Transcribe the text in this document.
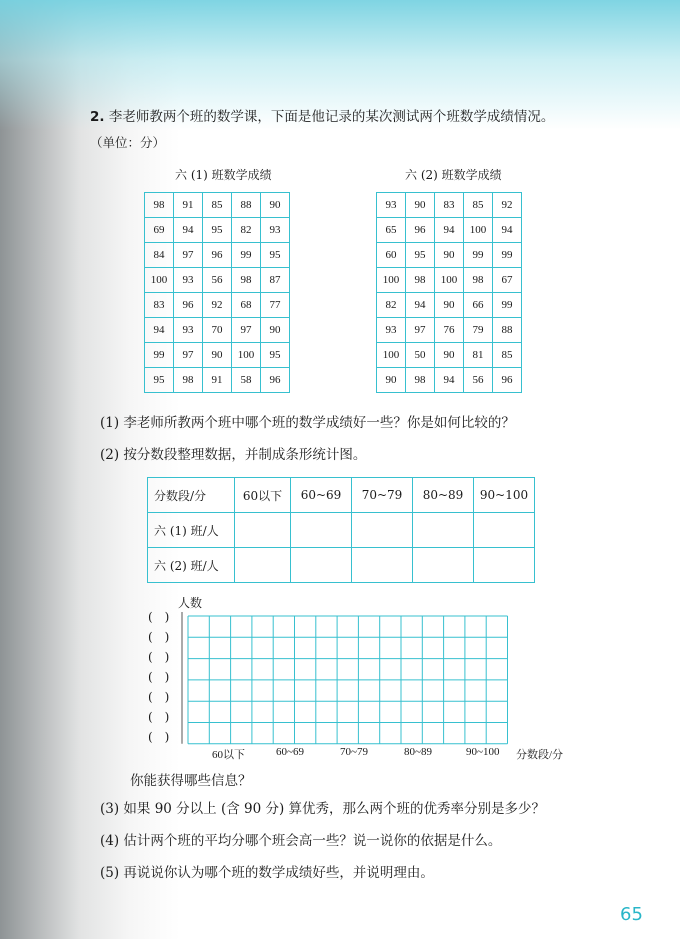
2. 李老师教两个班的数学课，下面是他记录的某次测试两个班数学成绩情况。
（单位：分）
六 (1) 班数学成绩
98	91	85	88	90
69	94	95	82	93
84	97	96	99	95
100	93	56	98	87
83	96	92	68	77
94	93	70	97	90
99	97	90	100	95
95	98	91	58	96
六 (2) 班数学成绩
93	90	83	85	92
65	96	94	100	94
60	95	90	99	99
100	98	100	98	67
82	94	90	66	99
93	97	76	79	88
100	50	90	81	85
90	98	94	56	96
(1) 李老师所教两个班中哪个班的数学成绩好一些？你是如何比较的？
(2) 按分数段整理数据，并制成条形统计图。
分数段/分	60以下	60~69	70~79	80~89	90~100
六 (1) 班/人					
六 (2) 班/人					
人数
(　)
(　)
(　)
(　)
(　)
(　)
(　)
60以下	60~69	70~79	80~89	90~100 分数段/分
你能获得哪些信息？
(3) 如果 90 分以上 (含 90 分) 算优秀，那么两个班的优秀率分别是多少？
(4) 估计两个班的平均分哪个班会高一些？说一说你的依据是什么。
(5) 再说说你认为哪个班的数学成绩好些，并说明理由。
65
